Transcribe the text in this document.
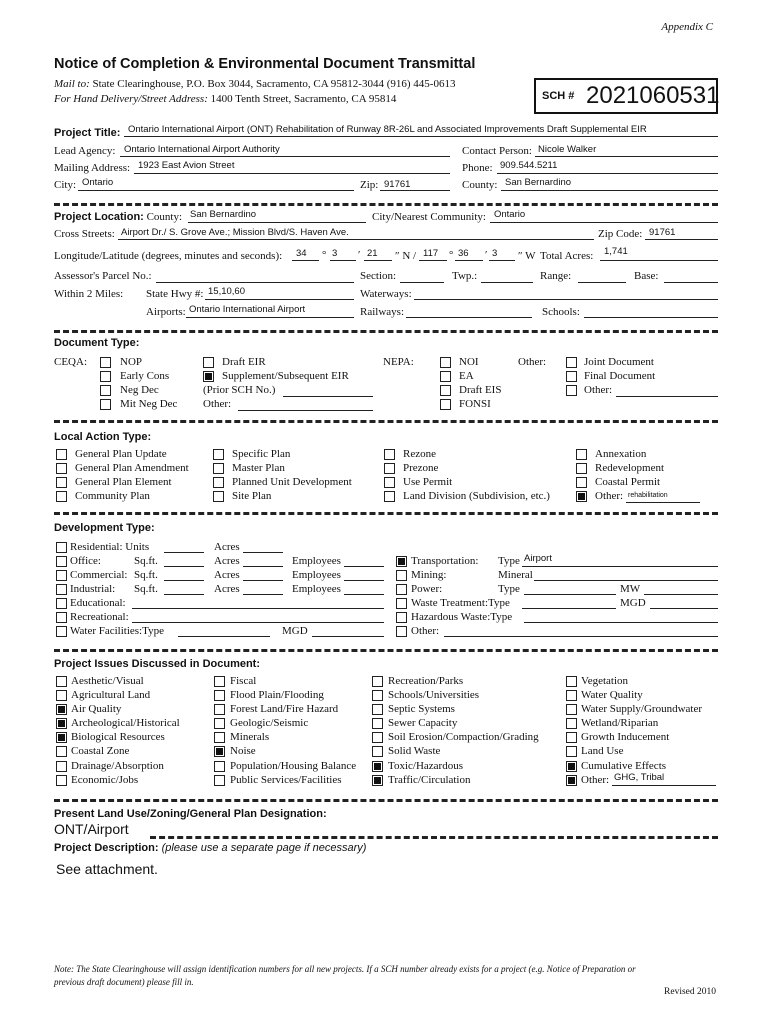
Appendix C
Notice of Completion & Environmental Document Transmittal
Mail to: State Clearinghouse, P.O. Box 3044, Sacramento, CA 95812-3044 (916) 445-0613
For Hand Delivery/Street Address: 1400 Tenth Street, Sacramento, CA 95814	SCH # 2021060531
Project Title: Ontario International Airport (ONT) Rehabilitation of Runway 8R-26L and Associated Improvements Draft Supplemental EIR
Lead Agency: Ontario International Airport Authority	Contact Person: Nicole Walker
Mailing Address: 1923 East Avion Street	Phone: 909.544.5211
City: Ontario	Zip: 91761	County: San Bernardino
Project Location: County: San Bernardino	City/Nearest Community: Ontario
Cross Streets: Airport Dr./ S. Grove Ave.; Mission Blvd/S. Haven Ave.	Zip Code: 91761
Longitude/Latitude (degrees, minutes and seconds): 34 ° 3 ′ 21 ″ N / 117 ° 36 ′ 3 ″ W Total Acres: 1,741
Assessor's Parcel No.:	Section:	Twp.:	Range:	Base:
Within 2 Miles: State Hwy #: 15,10,60	Waterways:
Airports: Ontario International Airport	Railways:	Schools:
Document Type:
CEQA:	NOP
Early Cons
Neg Dec
Mit Neg Dec
Draft EIR
Supplement/Subsequent EIR
(Prior SCH No.)
Other:
NEPA:	NOI
EA
Draft EIS
FONSI
Other:	Joint Document
Final Document
Other:
Local Action Type:
General Plan Update
General Plan Amendment
General Plan Element
Community Plan
Specific Plan
Master Plan
Planned Unit Development
Site Plan
Rezone
Prezone
Use Permit
Land Division (Subdivision, etc.)
Annexation
Redevelopment
Coastal Permit
Other: rehabilitation
Development Type:
Residential: Units	Acres
Office:	Sq.ft.	Acres	Employees
Commercial: Sq.ft.	Acres	Employees
Industrial: Sq.ft.	Acres	Employees
Educational:
Recreational:
Water Facilities:Type	MGD
Transportation: Type Airport
Mining:	Mineral
Power:	Type	MW
Waste Treatment:Type	MGD
Hazardous Waste:Type
Other:
Project Issues Discussed in Document:
Aesthetic/Visual
Agricultural Land
Air Quality
Archeological/Historical
Biological Resources
Coastal Zone
Drainage/Absorption
Economic/Jobs
Fiscal
Flood Plain/Flooding
Forest Land/Fire Hazard
Geologic/Seismic
Minerals
Noise
Population/Housing Balance
Public Services/Facilities
Recreation/Parks
Schools/Universities
Septic Systems
Sewer Capacity
Soil Erosion/Compaction/Grading
Solid Waste
Toxic/Hazardous
Traffic/Circulation
Vegetation
Water Quality
Water Supply/Groundwater
Wetland/Riparian
Growth Inducement
Land Use
Cumulative Effects
Other: GHG, Tribal
Present Land Use/Zoning/General Plan Designation:
ONT/Airport
Project Description: (please use a separate page if necessary)
See attachment.
Note: The State Clearinghouse will assign identification numbers for all new projects. If a SCH number already exists for a project (e.g. Notice of Preparation or
previous draft document) please fill in.
Revised 2010
